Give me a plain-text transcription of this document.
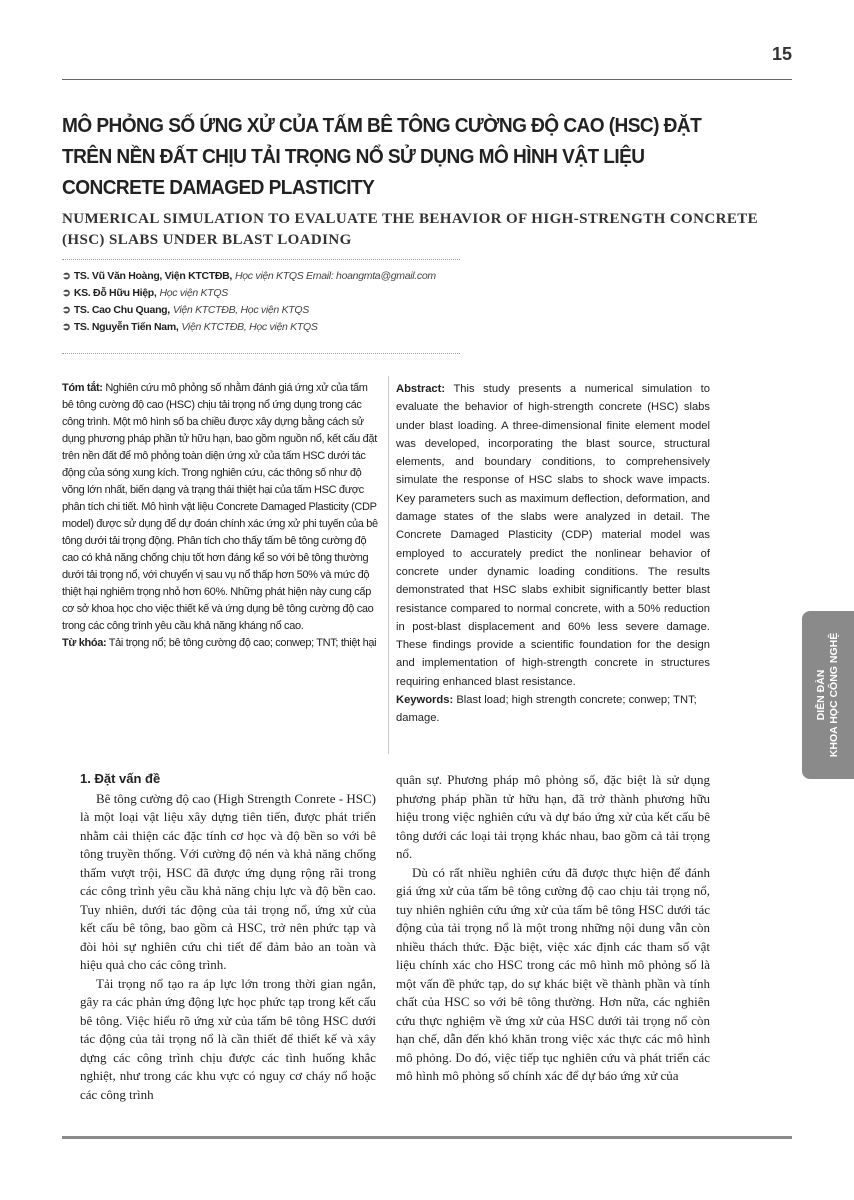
15
MÔ PHỎNG SỐ ỨNG XỬ CỦA TẤM BÊ TÔNG CƯỜNG ĐỘ CAO (HSC) ĐẶT TRÊN NỀN ĐẤT CHỊU TẢI TRỌNG NỔ SỬ DỤNG MÔ HÌNH VẬT LIỆU CONCRETE DAMAGED PLASTICITY
NUMERICAL SIMULATION TO EVALUATE THE BEHAVIOR OF HIGH-STRENGTH CONCRETE (HSC) SLABS UNDER BLAST LOADING
➲ TS. Vũ Văn Hoàng, Viện KTCTĐB, Học viện KTQS Email: hoangmta@gmail.com
➲ KS. Đỗ Hữu Hiệp, Học viện KTQS
➲ TS. Cao Chu Quang, Viện KTCTĐB, Học viện KTQS
➲ TS. Nguyễn Tiến Nam, Viện KTCTĐB, Học viện KTQS

Tóm tắt: Nghiên cứu mô phỏng số nhằm đánh giá ứng xử của tấm bê tông cường độ cao (HSC) chịu tải trọng nổ ứng dụng trong các công trình. Một mô hình số ba chiều được xây dựng bằng cách sử dụng phương pháp phần tử hữu hạn, bao gồm nguồn nổ, kết cấu đặt trên nền đất để mô phỏng toàn diện ứng xử của tấm HSC dưới tác động của sóng xung kích. Trong nghiên cứu, các thông số như độ võng lớn nhất, biến dạng và trạng thái thiệt hại của tấm HSC được phân tích chi tiết. Mô hình vật liệu Concrete Damaged Plasticity (CDP model) được sử dụng để dự đoán chính xác ứng xử phi tuyến của bê tông dưới tải trọng động. Phân tích cho thấy tấm bê tông cường độ cao có khả năng chống chịu tốt hơn đáng kể so với bê tông thường dưới tải trọng nổ, với chuyển vị sau vụ nổ thấp hơn 50% và mức độ thiệt hại nghiêm trọng nhỏ hơn 60%. Những phát hiện này cung cấp cơ sở khoa học cho việc thiết kế và ứng dụng bê tông cường độ cao trong các công trình yêu cầu khả năng kháng nổ cao.

Từ khóa: Tải trọng nổ; bê tông cường độ cao; conwep; TNT; thiệt hại

Abstract: This study presents a numerical simulation to evaluate the behavior of high-strength concrete (HSC) slabs under blast loading. A three-dimensional finite element model was developed, incorporating the blast source, structural elements, and boundary conditions, to comprehensively simulate the response of HSC slabs to shock wave impacts. Key parameters such as maximum deflection, deformation, and damage states of the slabs were analyzed in detail. The Concrete Damaged Plasticity (CDP) material model was employed to accurately predict the nonlinear behavior of concrete under dynamic loading conditions. The results demonstrated that HSC slabs exhibit significantly better blast resistance compared to normal concrete, with a 50% reduction in post-blast displacement and 60% less severe damage. These findings provide a scientific foundation for the design and implementation of high-strength concrete in structures requiring enhanced blast resistance.

Keywords: Blast load; high strength concrete; conwep; TNT; damage.

1. Đặt vấn đề

Bê tông cường độ cao (High Strength Conrete - HSC) là một loại vật liệu xây dựng tiên tiến, được phát triển nhằm cải thiện các đặc tính cơ học và độ bền so với bê tông truyền thống. Với cường độ nén và khả năng chống thấm vượt trội, HSC đã được ứng dụng rộng rãi trong các công trình yêu cầu khả năng chịu lực và độ bền cao. Tuy nhiên, dưới tác động của tải trọng nổ, ứng xử của kết cấu bê tông, bao gồm cả HSC, trở nên phức tạp và đòi hỏi sự nghiên cứu chi tiết để đảm bảo an toàn và hiệu quả cho các công trình.

Tải trọng nổ tạo ra áp lực lớn trong thời gian ngắn, gây ra các phản ứng động lực học phức tạp trong kết cấu bê tông. Việc hiểu rõ ứng xử của tấm bê tông HSC dưới tác động của tải trọng nổ là cần thiết để thiết kế và xây dựng các công trình chịu được các tình huống khắc nghiệt, như trong các khu vực có nguy cơ cháy nổ hoặc các công trình

quân sự. Phương pháp mô phỏng số, đặc biệt là sử dụng phương pháp phần tử hữu hạn, đã trở thành phương hữu hiệu trong việc nghiên cứu và dự báo ứng xử của kết cấu bê tông dưới các loại tải trọng khác nhau, bao gồm cả tải trọng nổ.

Dù có rất nhiều nghiên cứu đã được thực hiện để đánh giá ứng xử của tấm bê tông cường độ cao chịu tải trọng nổ, tuy nhiên nghiên cứu ứng xử của tấm bê tông HSC dưới tác động của tải trọng nổ là một trong những nội dung vẫn còn nhiều thách thức. Đặc biệt, việc xác định các tham số vật liệu chính xác cho HSC trong các mô hình mô phỏng số là một vấn đề phức tạp, do sự khác biệt về thành phần và tính chất của HSC so với bê tông thường. Hơn nữa, các nghiên cứu thực nghiệm về ứng xử của HSC dưới tải trọng nổ còn hạn chế, dẫn đến khó khăn trong việc xác thực các mô hình mô phỏng. Do đó, việc tiếp tục nghiên cứu và phát triển các mô hình mô phỏng số chính xác để dự báo ứng xử của

DIỄN ĐÀN KHOA HỌC CÔNG NGHỆ
